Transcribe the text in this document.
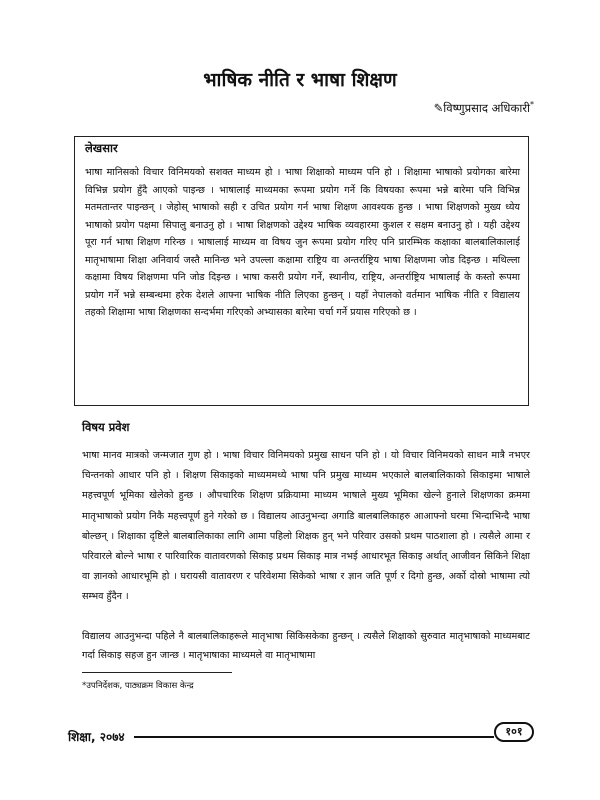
भाषिक नीति र भाषा शिक्षण
✎विष्णुप्रसाद अधिकारी*

लेखसार

भाषा मानिसको विचार विनिमयको सशक्त माध्यम हो । भाषा शिक्षाको माध्यम पनि हो । शिक्षामा भाषाको प्रयोगका बारेमा विभिन्न प्रयोग हुँदै आएको पाइन्छ । भाषालाई माध्यमका रूपमा प्रयोग गर्ने कि विषयका रूपमा भन्ने बारेमा पनि विभिन्न मतमतान्तर पाइन्छन् । जेहोस् भाषाको सही र उचित प्रयोग गर्न भाषा शिक्षण आवश्यक हुन्छ । भाषा शिक्षणको मुख्य ध्येय भाषाको प्रयोग पक्षमा सिपालु बनाउनु हो । भाषा शिक्षणको उद्देश्य भाषिक व्यवहारमा कुशल र सक्षम बनाउनु हो । यही उद्देश्य पूरा गर्न भाषा शिक्षण गरिन्छ । भाषालाई माध्यम वा विषय जुन रूपमा प्रयोग गरिए पनि प्रारम्भिक कक्षाका बालबालिकालाई मातृभाषामा शिक्षा अनिवार्य जस्तै मानिन्छ भने उपल्ला कक्षामा राष्ट्रिय वा अन्तर्राष्ट्रिय भाषा शिक्षणमा जोड दिइन्छ । मथिल्ला कक्षामा विषय शिक्षणमा पनि जोड दिइन्छ । भाषा कसरी प्रयोग गर्ने, स्थानीय, राष्ट्रिय, अन्तर्राष्ट्रिय भाषालाई के कस्तो रूपमा प्रयोग गर्ने भन्ने सम्बन्धमा हरेक देशले आफ्ना भाषिक नीति लिएका हुन्छन् । यहाँ नेपालको वर्तमान भाषिक नीति र विद्यालय तहको शिक्षामा भाषा शिक्षणका सन्दर्भमा गरिएको अभ्यासका बारेमा चर्चा गर्ने प्रयास गरिएको छ ।

विषय प्रवेश

भाषा मानव मात्रको जन्मजात गुण हो । भाषा विचार विनिमयको प्रमुख साधन पनि हो । यो विचार विनिमयको साधन मात्रै नभएर चिन्तनको आधार पनि हो । शिक्षण सिकाइको माध्यममध्ये भाषा पनि प्रमुख माध्यम भएकाले बालबालिकाको सिकाइमा भाषाले महत्त्वपूर्ण भूमिका खेलेको हुन्छ । औपचारिक शिक्षण प्रक्रियामा माध्यम भाषाले मुख्य भूमिका खेल्ने हुनाले शिक्षणका क्रममा मातृभाषाको प्रयोग निकै महत्त्वपूर्ण हुने गरेको छ । विद्यालय आउनुभन्दा अगाडि बालबालिकाहरु आआफ्नो घरमा भिन्दाभिन्दै भाषा बोल्छन् । शिक्षाका दृष्टिले बालबालिकाका लागि आमा पहिलो शिक्षक हुन् भने परिवार उसको प्रथम पाठशाला हो । त्यसैले आमा र परिवारले बोल्ने भाषा र पारिवारिक वातावरणको सिकाइ प्रथम सिकाइ मात्र नभई आधारभूत सिकाइ अर्थात् आजीवन सिकिने शिक्षा वा ज्ञानको आधारभूमि हो । घरायसी वातावरण र परिवेशमा सिकेको भाषा र ज्ञान जति पूर्ण र दिगो हुन्छ, अर्को दोस्रो भाषामा त्यो सम्भव हुँदैन ।

विद्यालय आउनुभन्दा पहिले नै बालबालिकाहरूले मातृभाषा सिकिसकेका हुन्छन् । त्यसैले शिक्षाको सुरुवात मातृभाषाको माध्यमबाट गर्दा सिकाइ सहज हुन जान्छ । मातृभाषाका माध्यमले वा मातृभाषामा

*उपनिर्देशक, पाठ्यक्रम विकास केन्द्र

शिक्षा, २०७४	१०१
